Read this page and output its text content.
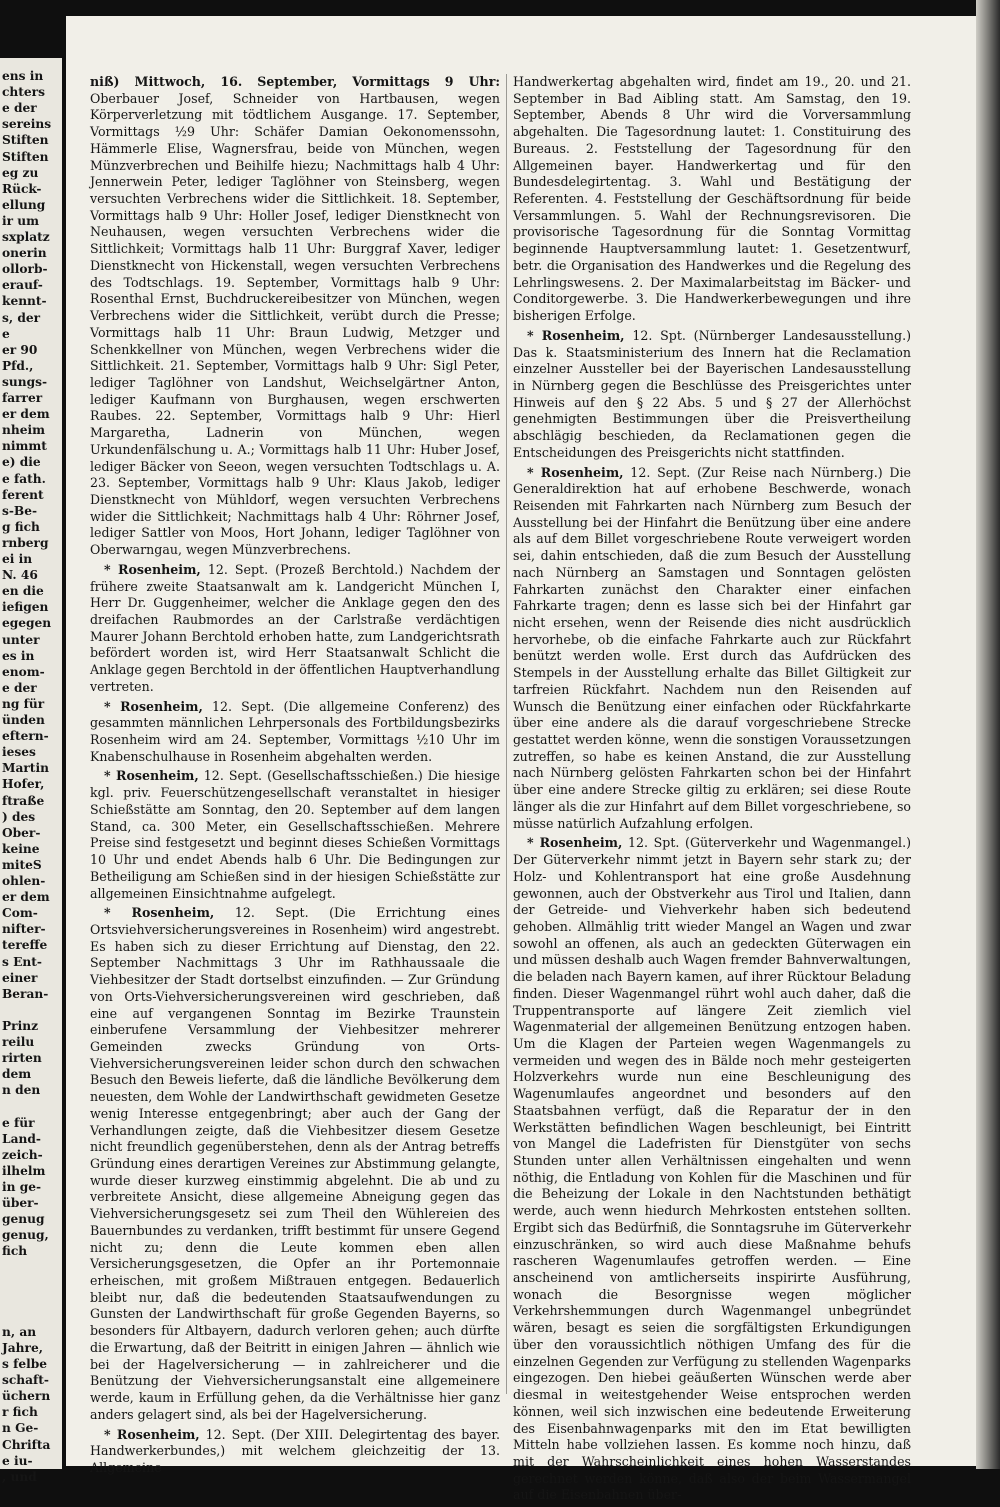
ens in
chters
e der
sereins
Stiften
Stiften
eg zu
Rück-
ellung
ir um
sxplatz
onerin
ollorb-
erauf-
kennt-
s, der
e
er 90
Pfd.,
sungs-
farrer
er dem
nheim
nimmt
e) die
e fath.
ferent
s-Be-
g fich
rnberg
ei in
N. 46
en die
iefigen
egegen
unter
es in
enom-
e der
ng für
ünden
eftern-
ieses
Martin
Hofer,
ftraße
) des
Ober-
keine
miteS
ohlen-
er dem
Com-
nifter-
tereffe
s Ent-
einer
Beran-
Prinz
reilu
rirten
dem
n den
e für
Land-
zeich-
ilhelm
in ge-
über-
genug
genug,
fich
n, an
Jahre,
s felbe
schaft-
üchern
r fich
n Ge-
Chrifta
e iu-
, und

niß) Mittwoch, 16. September, Vormittags 9 Uhr: Oberbauer Josef, Schneider von Hartbausen, wegen Körperverletzung mit tödtlichem Ausgange. 17. September, Vormittags ½9 Uhr: Schäfer Damian Oekonomenssohn, Hämmerle Elise, Wagnersfrau, beide von München, wegen Münzverbrechen und Beihilfe hiezu; Nachmittags halb 4 Uhr: Jennerwein Peter, lediger Taglöhner von Steinsberg, wegen versuchten Verbrechens wider die Sittlichkeit. 18. September, Vormittags halb 9 Uhr: Holler Josef, lediger Dienstknecht von Neuhausen, wegen versuchten Verbrechens wider die Sittlichkeit; Vormittags halb 11 Uhr: Burggraf Xaver, lediger Dienstknecht von Hickenstall, wegen versuchten Verbrechens des Todtschlags. 19. September, Vormittags halb 9 Uhr: Rosenthal Ernst, Buchdruckereibesitzer von München, wegen Verbrechens wider die Sittlichkeit, verübt durch die Presse; Vormittags halb 11 Uhr: Braun Ludwig, Metzger und Schenkkellner von München, wegen Verbrechens wider die Sittlichkeit. 21. September, Vormittags halb 9 Uhr: Sigl Peter, lediger Taglöhner von Landshut, Weichselgärtner Anton, lediger Kaufmann von Burghausen, wegen erschwerten Raubes. 22. September, Vormittags halb 9 Uhr: Hierl Margaretha, Ladnerin von München, wegen Urkundenfälschung u. A.; Vormittags halb 11 Uhr: Huber Josef, lediger Bäcker von Seeon, wegen versuchten Todtschlags u. A. 23. September, Vormittags halb 9 Uhr: Klaus Jakob, lediger Dienstknecht von Mühldorf, wegen versuchten Verbrechens wider die Sittlichkeit; Nachmittags halb 4 Uhr: Röhrner Josef, lediger Sattler von Moos, Hort Johann, lediger Taglöhner von Oberwarngau, wegen Münzverbrechens.

* Rosenheim, 12. Sept. (Prozeß Berchtold.) Nachdem der frühere zweite Staatsanwalt am k. Landgericht München I, Herr Dr. Guggenheimer, welcher die Anklage gegen den des dreifachen Raubmordes an der Carlstraße verdächtigen Maurer Johann Berchtold erhoben hatte, zum Landgerichtsrath befördert worden ist, wird Herr Staatsanwalt Schlicht die Anklage gegen Berchtold in der öffentlichen Hauptverhandlung vertreten.

* Rosenheim, 12. Sept. (Die allgemeine Conferenz) des gesammten männlichen Lehrpersonals des Fortbildungsbezirks Rosenheim wird am 24. September, Vormittags ½10 Uhr im Knabenschulhause in Rosenheim abgehalten werden.

* Rosenheim, 12. Sept. (Gesellschaftsschießen.) Die hiesige kgl. priv. Feuerschützengesellschaft veranstaltet in hiesiger Schießstätte am Sonntag, den 20. September auf dem langen Stand, ca. 300 Meter, ein Gesellschaftsschießen. Mehrere Preise sind festgesetzt und beginnt dieses Schießen Vormittags 10 Uhr und endet Abends halb 6 Uhr. Die Bedingungen zur Betheiligung am Schießen sind in der hiesigen Schießstätte zur allgemeinen Einsichtnahme aufgelegt.

* Rosenheim, 12. Sept. (Die Errichtung eines Ortsviehversicherungsvereines in Rosenheim) wird angestrebt. Es haben sich zu dieser Errichtung auf Dienstag, den 22. September Nachmittags 3 Uhr im Rathhaussaale die Viehbesitzer der Stadt dortselbst einzufinden. — Zur Gründung von Orts-Viehversicherungsvereinen wird geschrieben, daß eine auf vergangenen Sonntag im Bezirke Traunstein einberufene Versammlung der Viehbesitzer mehrerer Gemeinden zwecks Gründung von Orts-Viehversicherungsvereinen leider schon durch den schwachen Besuch den Beweis lieferte, daß die ländliche Bevölkerung dem neuesten, dem Wohle der Landwirthschaft gewidmeten Gesetze wenig Interesse entgegenbringt; aber auch der Gang der Verhandlungen zeigte, daß die Viehbesitzer diesem Gesetze nicht freundlich gegenüberstehen, denn als der Antrag betreffs Gründung eines derartigen Vereines zur Abstimmung gelangte, wurde dieser kurzweg einstimmig abgelehnt. Die ab und zu verbreitete Ansicht, diese allgemeine Abneigung gegen das Viehversicherungsgesetz sei zum Theil den Wühlereien des Bauernbundes zu verdanken, trifft bestimmt für unsere Gegend nicht zu; denn die Leute kommen eben allen Versicherungsgesetzen, die Opfer an ihr Portemonnaie erheischen, mit großem Mißtrauen entgegen. Bedauerlich bleibt nur, daß die bedeutenden Staatsaufwendungen zu Gunsten der Landwirthschaft für große Gegenden Bayerns, so besonders für Altbayern, dadurch verloren gehen; auch dürfte die Erwartung, daß der Beitritt in einigen Jahren — ähnlich wie bei der Hagelversicherung — in zahlreicherer und die Benützung der Viehversicherungsanstalt eine allgemeinere werde, kaum in Erfüllung gehen, da die Verhältnisse hier ganz anders gelagert sind, als bei der Hagelversicherung.

* Rosenheim, 12. Sept. (Der XIII. Delegirtentag des bayer. Handwerkerbundes,) mit welchem gleichzeitig der 13. Allgemeine

Handwerkertag abgehalten wird, findet am 19., 20. und 21. September in Bad Aibling statt. Am Samstag, den 19. September, Abends 8 Uhr wird die Vorversammlung abgehalten. Die Tagesordnung lautet: 1. Constituirung des Bureaus. 2. Feststellung der Tagesordnung für den Allgemeinen bayer. Handwerkertag und für den Bundesdelegirtentag. 3. Wahl und Bestätigung der Referenten. 4. Feststellung der Geschäftsordnung für beide Versammlungen. 5. Wahl der Rechnungsrevisoren. Die provisorische Tagesordnung für die Sonntag Vormittag beginnende Hauptversammlung lautet: 1. Gesetzentwurf, betr. die Organisation des Handwerkes und die Regelung des Lehrlingswesens. 2. Der Maximalarbeitstag im Bäcker- und Conditorgewerbe. 3. Die Handwerkerbewegungen und ihre bisherigen Erfolge.

* Rosenheim, 12. Spt. (Nürnberger Landesausstellung.) Das k. Staatsministerium des Innern hat die Reclamation einzelner Aussteller bei der Bayerischen Landesausstellung in Nürnberg gegen die Beschlüsse des Preisgerichtes unter Hinweis auf den § 22 Abs. 5 und § 27 der Allerhöchst genehmigten Bestimmungen über die Preisvertheilung abschlägig beschieden, da Reclamationen gegen die Entscheidungen des Preisgerichts nicht stattfinden.

* Rosenheim, 12. Sept. (Zur Reise nach Nürnberg.) Die Generaldirektion hat auf erhobene Beschwerde, wonach Reisenden mit Fahrkarten nach Nürnberg zum Besuch der Ausstellung bei der Hinfahrt die Benützung über eine andere als auf dem Billet vorgeschriebene Route verweigert worden sei, dahin entschieden, daß die zum Besuch der Ausstellung nach Nürnberg an Samstagen und Sonntagen gelösten Fahrkarten zunächst den Charakter einer einfachen Fahrkarte tragen; denn es lasse sich bei der Hinfahrt gar nicht ersehen, wenn der Reisende dies nicht ausdrücklich hervorhebe, ob die einfache Fahrkarte auch zur Rückfahrt benützt werden wolle. Erst durch das Aufdrücken des Stempels in der Ausstellung erhalte das Billet Giltigkeit zur tarfreien Rückfahrt. Nachdem nun den Reisenden auf Wunsch die Benützung einer einfachen oder Rückfahrkarte über eine andere als die darauf vorgeschriebene Strecke gestattet werden könne, wenn die sonstigen Voraussetzungen zutreffen, so habe es keinen Anstand, die zur Ausstellung nach Nürnberg gelösten Fahrkarten schon bei der Hinfahrt über eine andere Strecke giltig zu erklären; sei diese Route länger als die zur Hinfahrt auf dem Billet vorgeschriebene, so müsse natürlich Aufzahlung erfolgen.

* Rosenheim, 12. Spt. (Güterverkehr und Wagenmangel.) Der Güterverkehr nimmt jetzt in Bayern sehr stark zu; der Holz- und Kohlentransport hat eine große Ausdehnung gewonnen, auch der Obstverkehr aus Tirol und Italien, dann der Getreide- und Viehverkehr haben sich bedeutend gehoben. Allmählig tritt wieder Mangel an Wagen und zwar sowohl an offenen, als auch an gedeckten Güterwagen ein und müssen deshalb auch Wagen fremder Bahnverwaltungen, die beladen nach Bayern kamen, auf ihrer Rücktour Beladung finden. Dieser Wagenmangel rührt wohl auch daher, daß die Truppentransporte auf längere Zeit ziemlich viel Wagenmaterial der allgemeinen Benützung entzogen haben. Um die Klagen der Parteien wegen Wagenmangels zu vermeiden und wegen des in Bälde noch mehr gesteigerten Holzverkehrs wurde nun eine Beschleunigung des Wagenumlaufes angeordnet und besonders auf den Staatsbahnen verfügt, daß die Reparatur der in den Werkstätten befindlichen Wagen beschleunigt, bei Eintritt von Mangel die Ladefristen für Dienstgüter von sechs Stunden unter allen Verhältnissen eingehalten und wenn nöthig, die Entladung von Kohlen für die Maschinen und für die Beheizung der Lokale in den Nachtstunden bethätigt werde, auch wenn hiedurch Mehrkosten entstehen sollten. Ergibt sich das Bedürfniß, die Sonntagsruhe im Güterverkehr einzuschränken, so wird auch diese Maßnahme behufs rascheren Wagenumlaufes getroffen werden. — Eine anscheinend von amtlicherseits inspirirte Ausführung, wonach die Besorgnisse wegen möglicher Verkehrshemmungen durch Wagenmangel unbegründet wären, besagt es seien die sorgfältigsten Erkundigungen über den voraussichtlich nöthigen Umfang des für die einzelnen Gegenden zur Verfügung zu stellenden Wagenparks eingezogen. Den hiebei geäußerten Wünschen werde aber diesmal in weitestgehender Weise entsprochen werden können, weil sich inzwischen eine bedeutende Erweiterung des Eisenbahnwagenparks mit den im Etat bewilligten Mitteln habe vollziehen lassen. Es komme noch hinzu, daß mit der Wahrscheinlichkeit eines hohen Wasserstandes gerechnet werden könne, daß also der beim Wassermangel auf die Eisenbahnen über-
